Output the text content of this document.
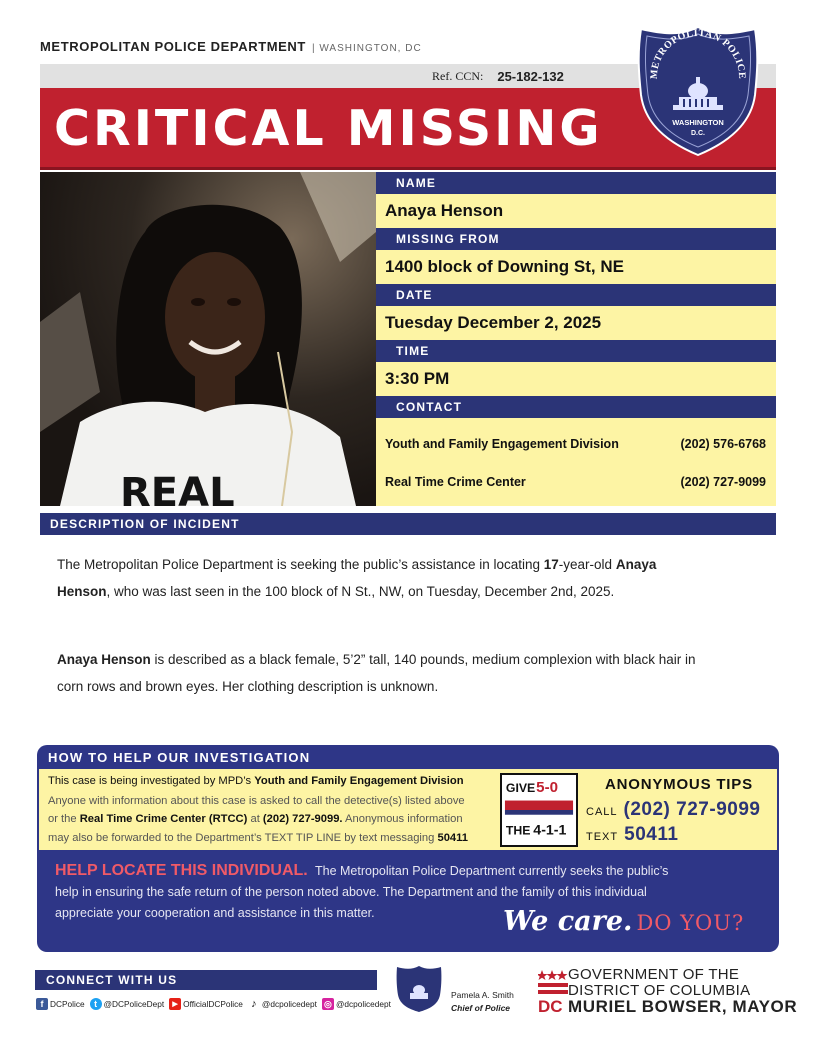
METROPOLITAN POLICE DEPARTMENT | WASHINGTON, DC
Ref. CCN: 25-182-132
CRITICAL MISSING
METROPOLITAN POLICE
WASHINGTON
D.C.
REAL
NAME
Anaya Henson
MISSING FROM
1400 block of Downing St, NE
DATE
Tuesday December 2, 2025
TIME
3:30 PM
CONTACT
Youth and Family Engagement Division	(202) 576-6768
Real Time Crime Center	(202) 727-9099
DESCRIPTION OF INCIDENT
The Metropolitan Police Department is seeking the public’s assistance in locating 17-year-old Anaya
Henson, who was last seen in the 100 block of N St., NW, on Tuesday, December 2nd, 2025.
Anaya Henson is described as a black female, 5’2” tall, 140 pounds, medium complexion with black hair in
corn rows and brown eyes. Her clothing description is unknown.
HOW TO HELP OUR INVESTIGATION
This case is being investigated by MPD’s Youth and Family Engagement Division
Anyone with information about this case is asked to call the detective(s) listed above
or the Real Time Crime Center (RTCC) at (202) 727-9099. Anonymous information
may also be forwarded to the Department’s TEXT TIP LINE by text messaging 50411
GIVE 5-0
THE 4-1-1
ANONYMOUS TIPS
CALL (202) 727-9099
TEXT 50411
HELP LOCATE THIS INDIVIDUAL. The Metropolitan Police Department currently seeks the public’s
help in ensuring the safe return of the person noted above. The Department and the family of this individual
appreciate your cooperation and assistance in this matter.	We care. DO YOU?
CONNECT WITH US
f DCPolice	t @DCPoliceDept	▶ OfficialDCPolice ♪ @dcpolicedept ◎ @dcpolicedept
Pamela A. Smith
Chief of Police DC
GOVERNMENT OF THE
DISTRICT OF COLUMBIA
MURIEL BOWSER, MAYOR
